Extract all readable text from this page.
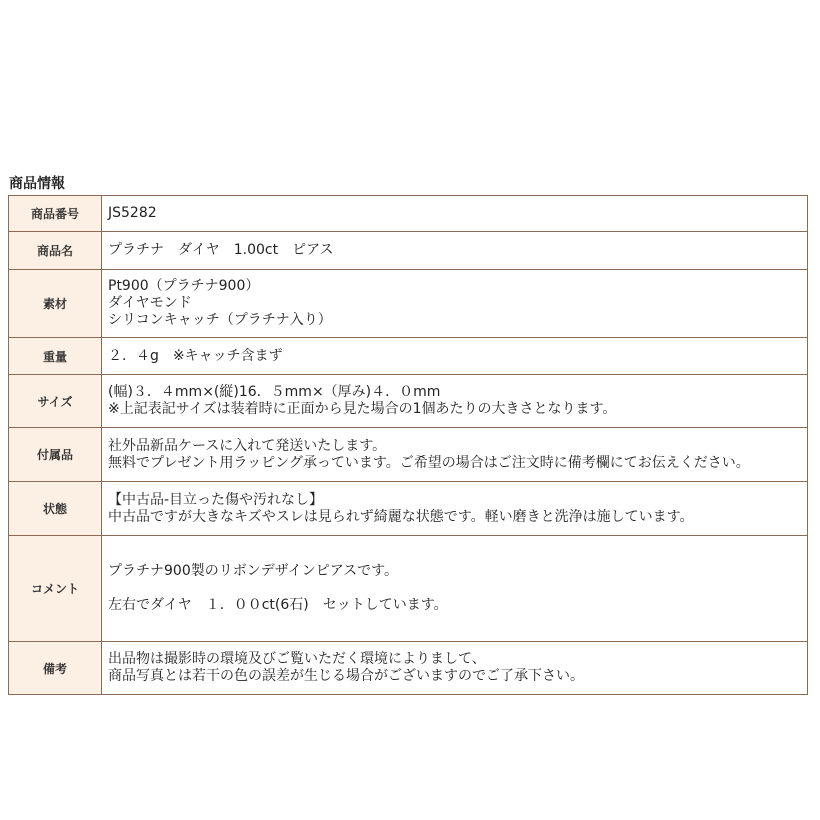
商品情報
商品番号	JS5282

商品名	プラチナ　ダイヤ　1.00ct　ピアス

素材	Pt900（プラチナ900）
ダイヤモンド
シリコンキャッチ（プラチナ入り）

重量	２．４g　※キャッチ含まず

サイズ	(幅)３．４mm×(縦)16．５mm×（厚み)４．０mm
※上記表記サイズは装着時に正面から見た場合の1個あたりの大きさとなります。

付属品	社外品新品ケースに入れて発送いたします。
無料でプレゼント用ラッピング承っています。ご希望の場合はご注文時に備考欄にてお伝えください。

状態	【中古品-目立った傷や汚れなし】
中古品ですが大きなキズやスレは見られず綺麗な状態です。軽い磨きと洗浄は施しています。

コメント	プラチナ900製のリボンデザインピアスです。
左右でダイヤ　１．００ct(6石)　セットしています。

備考	出品物は撮影時の環境及びご覧いただく環境によりまして、
商品写真とは若干の色の誤差が生じる場合がございますのでご了承下さい。
